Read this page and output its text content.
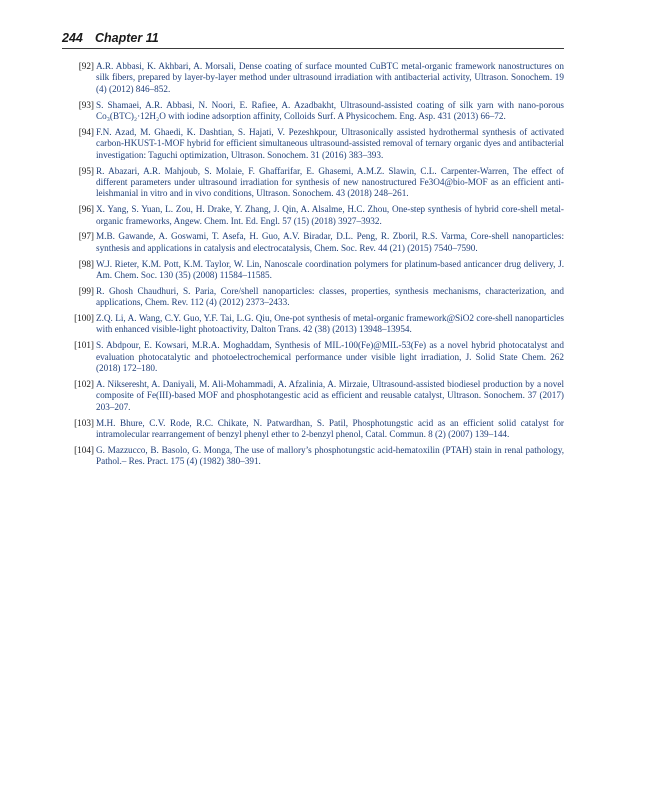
244 Chapter 11
[92] A.R. Abbasi, K. Akhbari, A. Morsali, Dense coating of surface mounted CuBTC metal-organic framework nanostructures on silk fibers, prepared by layer-by-layer method under ultrasound irradiation with antibacterial activity, Ultrason. Sonochem. 19 (4) (2012) 846–852.
[93] S. Shamaei, A.R. Abbasi, N. Noori, E. Rafiee, A. Azadbakht, Ultrasound-assisted coating of silk yarn with nano-porous Co₃(BTC)₂·12H₂O with iodine adsorption affinity, Colloids Surf. A Physicochem. Eng. Asp. 431 (2013) 66–72.
[94] F.N. Azad, M. Ghaedi, K. Dashtian, S. Hajati, V. Pezeshkpour, Ultrasonically assisted hydrothermal synthesis of activated carbon-HKUST-1-MOF hybrid for efficient simultaneous ultrasound-assisted removal of ternary organic dyes and antibacterial investigation: Taguchi optimization, Ultrason. Sonochem. 31 (2016) 383–393.
[95] R. Abazari, A.R. Mahjoub, S. Molaie, F. Ghaffarifar, E. Ghasemi, A.M.Z. Slawin, C.L. Carpenter-Warren, The effect of different parameters under ultrasound irradiation for synthesis of new nanostructured Fe3O4@bio-MOF as an efficient anti-leishmanial in vitro and in vivo conditions, Ultrason. Sonochem. 43 (2018) 248–261.
[96] X. Yang, S. Yuan, L. Zou, H. Drake, Y. Zhang, J. Qin, A. Alsalme, H.C. Zhou, One-step synthesis of hybrid core-shell metal-organic frameworks, Angew. Chem. Int. Ed. Engl. 57 (15) (2018) 3927–3932.
[97] M.B. Gawande, A. Goswami, T. Asefa, H. Guo, A.V. Biradar, D.L. Peng, R. Zboril, R.S. Varma, Core-shell nanoparticles: synthesis and applications in catalysis and electrocatalysis, Chem. Soc. Rev. 44 (21) (2015) 7540–7590.
[98] W.J. Rieter, K.M. Pott, K.M. Taylor, W. Lin, Nanoscale coordination polymers for platinum-based anticancer drug delivery, J. Am. Chem. Soc. 130 (35) (2008) 11584–11585.
[99] R. Ghosh Chaudhuri, S. Paria, Core/shell nanoparticles: classes, properties, synthesis mechanisms, characterization, and applications, Chem. Rev. 112 (4) (2012) 2373–2433.
[100] Z.Q. Li, A. Wang, C.Y. Guo, Y.F. Tai, L.G. Qiu, One-pot synthesis of metal-organic framework@SiO2 core-shell nanoparticles with enhanced visible-light photoactivity, Dalton Trans. 42 (38) (2013) 13948–13954.
[101] S. Abdpour, E. Kowsari, M.R.A. Moghaddam, Synthesis of MIL-100(Fe)@MIL-53(Fe) as a novel hybrid photocatalyst and evaluation photocatalytic and photoelectrochemical performance under visible light irradiation, J. Solid State Chem. 262 (2018) 172–180.
[102] A. Nikseresht, A. Daniyali, M. Ali-Mohammadi, A. Afzalinia, A. Mirzaie, Ultrasound-assisted biodiesel production by a novel composite of Fe(III)-based MOF and phosphotangestic acid as efficient and reusable catalyst, Ultrason. Sonochem. 37 (2017) 203–207.
[103] M.H. Bhure, C.V. Rode, R.C. Chikate, N. Patwardhan, S. Patil, Phosphotungstic acid as an efficient solid catalyst for intramolecular rearrangement of benzyl phenyl ether to 2-benzyl phenol, Catal. Commun. 8 (2) (2007) 139–144.
[104] G. Mazzucco, B. Basolo, G. Monga, The use of mallory’s phosphotungstic acid-hematoxilin (PTAH) stain in renal pathology, Pathol.– Res. Pract. 175 (4) (1982) 380–391.
